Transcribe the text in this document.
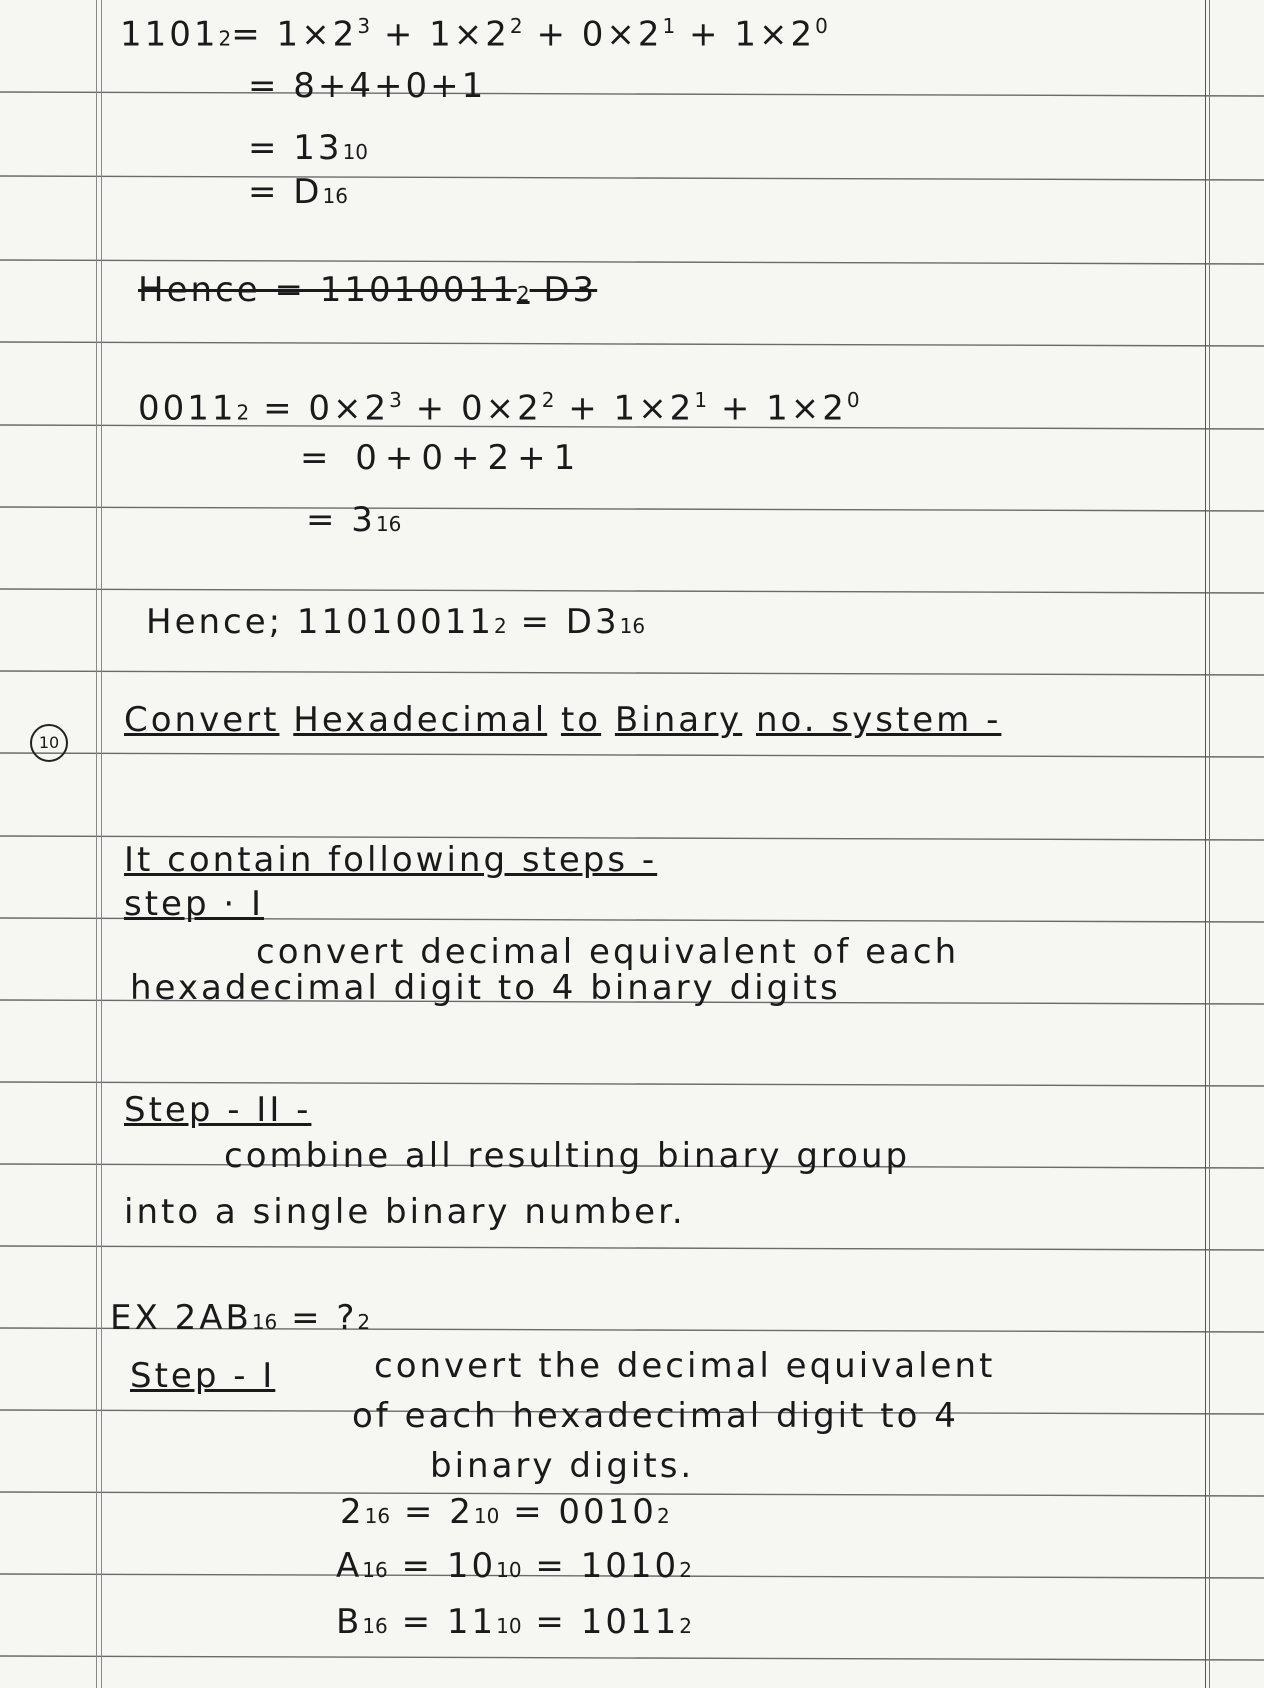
$11012= 1\times 2^3 + 1\times 2^2 + 0\times 2^1 + 1\times 2^0$
= 8+4+0+1
= 1310
= D16
Hence = 110100112 D3
$00112 = 0\times 2^3 + 0\times 2^2 + 1\times 2^1 + 1\times 2^0$
= 0+0+2+1
= 316
Hence; 110100112 = D316
10
Convert Hexadecimal to Binary no. system -
It contain following steps -
step · I
convert decimal equivalent of each
hexadecimal digit to 4 binary digits
Step - II -
combine all resulting binary group
into a single binary number.
EX 2AB16 = ?2
Step - I	convert the decimal equivalent
of each hexadecimal digit to 4
binary digits.
216 = 210 = 00102
A16 = 1010 = 10102
B16 = 1110 = 10112
